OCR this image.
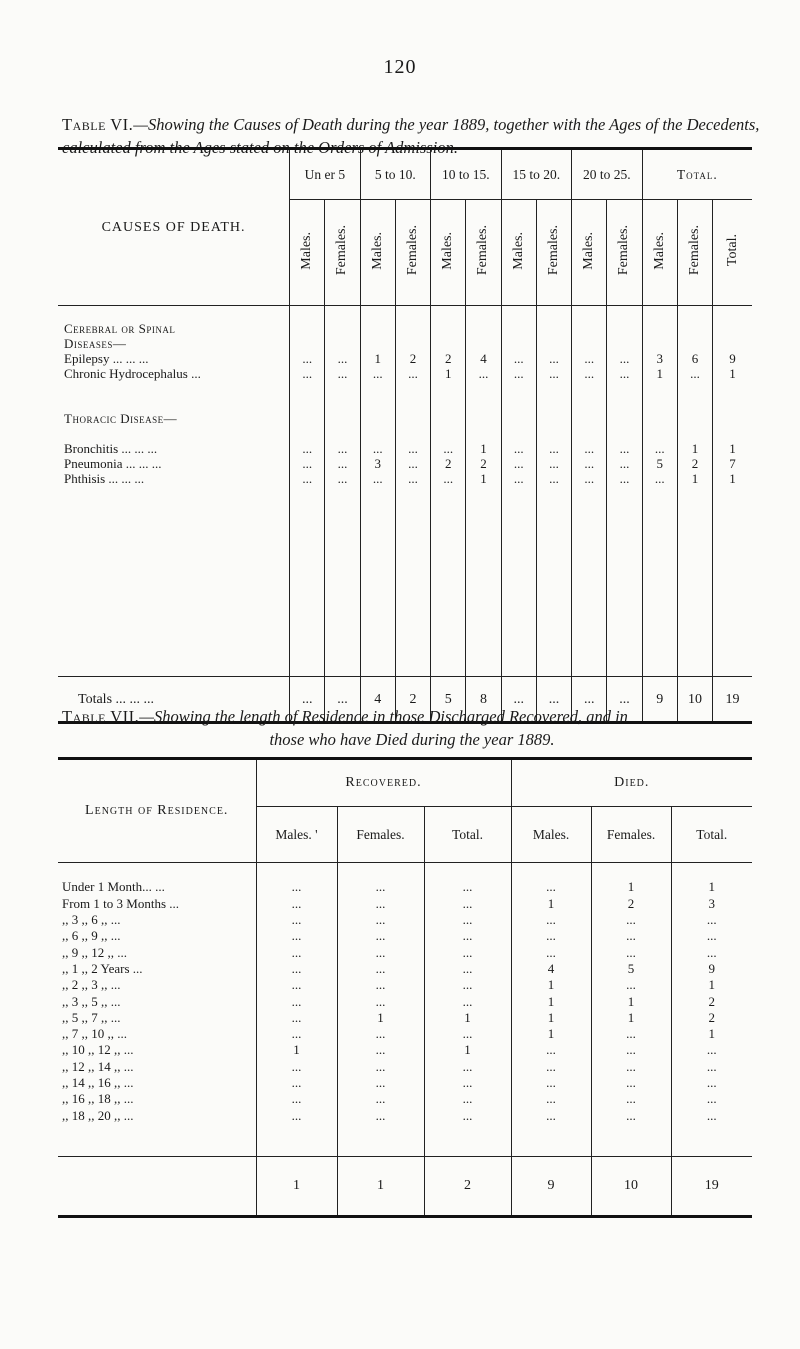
120
Table VI.—Showing the Causes of Death during the year 1889, together with the Ages of the Decedents, calculated from the Ages stated on the Orders of Admission.
CAUSES OF DEATH.	Un er 5		5 to 10.		10 to 15.		15 to 20.		20 to 25.		Total.		
	Males.	Females.	Males.	Females.	Males.	Females.	Males.	Females.	Males.	Females.	Males.	Females.	Total.

Cerebral or Spinal													
Diseases—													
Epilepsy ... ... ...	...	...	1	2	2	4	...	...	...	...	3	6	9
Chronic Hydrocephalus ...	...	...	...	...	1	...	...	...	...	...	1	...	1

Thoracic Disease—													

Bronchitis ... ... ...	...	...	...	...	...	1	...	...	...	...	...	1	1
Pneumonia ... ... ...	...	...	3	...	2	2	...	...	...	...	5	2	7
Phthisis ... ... ...	...	...	...	...	...	1	...	...	...	...	...	1	1

Totals ... ... ...	...	...	4	2	5	8	...	...	...	...	9	10	19
Table VII.—Showing the length of Residence in those Discharged Recovered, and in
those who have Died during the year 1889.
Length of Residence.	Recovered.			Died.		
	Males. '	Females.	Total.	Males.	Females.	Total.

Under 1 Month... ...	...	...	...	...	1	1
From 1 to 3 Months ...	...	...	...	1	2	3
,, 3 ,, 6 ,, ...	...	...	...	...	...	...
,, 6 ,, 9 ,, ...	...	...	...	...	...	...
,, 9 ,, 12 ,, ...	...	...	...	...	...	...
,, 1 ,, 2 Years ...	...	...	...	4	5	9
,, 2 ,, 3 ,, ...	...	...	...	1	...	1
,, 3 ,, 5 ,, ...	...	...	...	1	1	2
,, 5 ,, 7 ,, ...	...	1	1	1	1	2
,, 7 ,, 10 ,, ...	...	...	...	1	...	1
,, 10 ,, 12 ,, ...	1	...	1	...	...	...
,, 12 ,, 14 ,, ...	...	...	...	...	...	...
,, 14 ,, 16 ,, ...	...	...	...	...	...	...
,, 16 ,, 18 ,, ...	...	...	...	...	...	...
,, 18 ,, 20 ,, ...	...	...	...	...	...	...

	1	1	2	9	10	19
